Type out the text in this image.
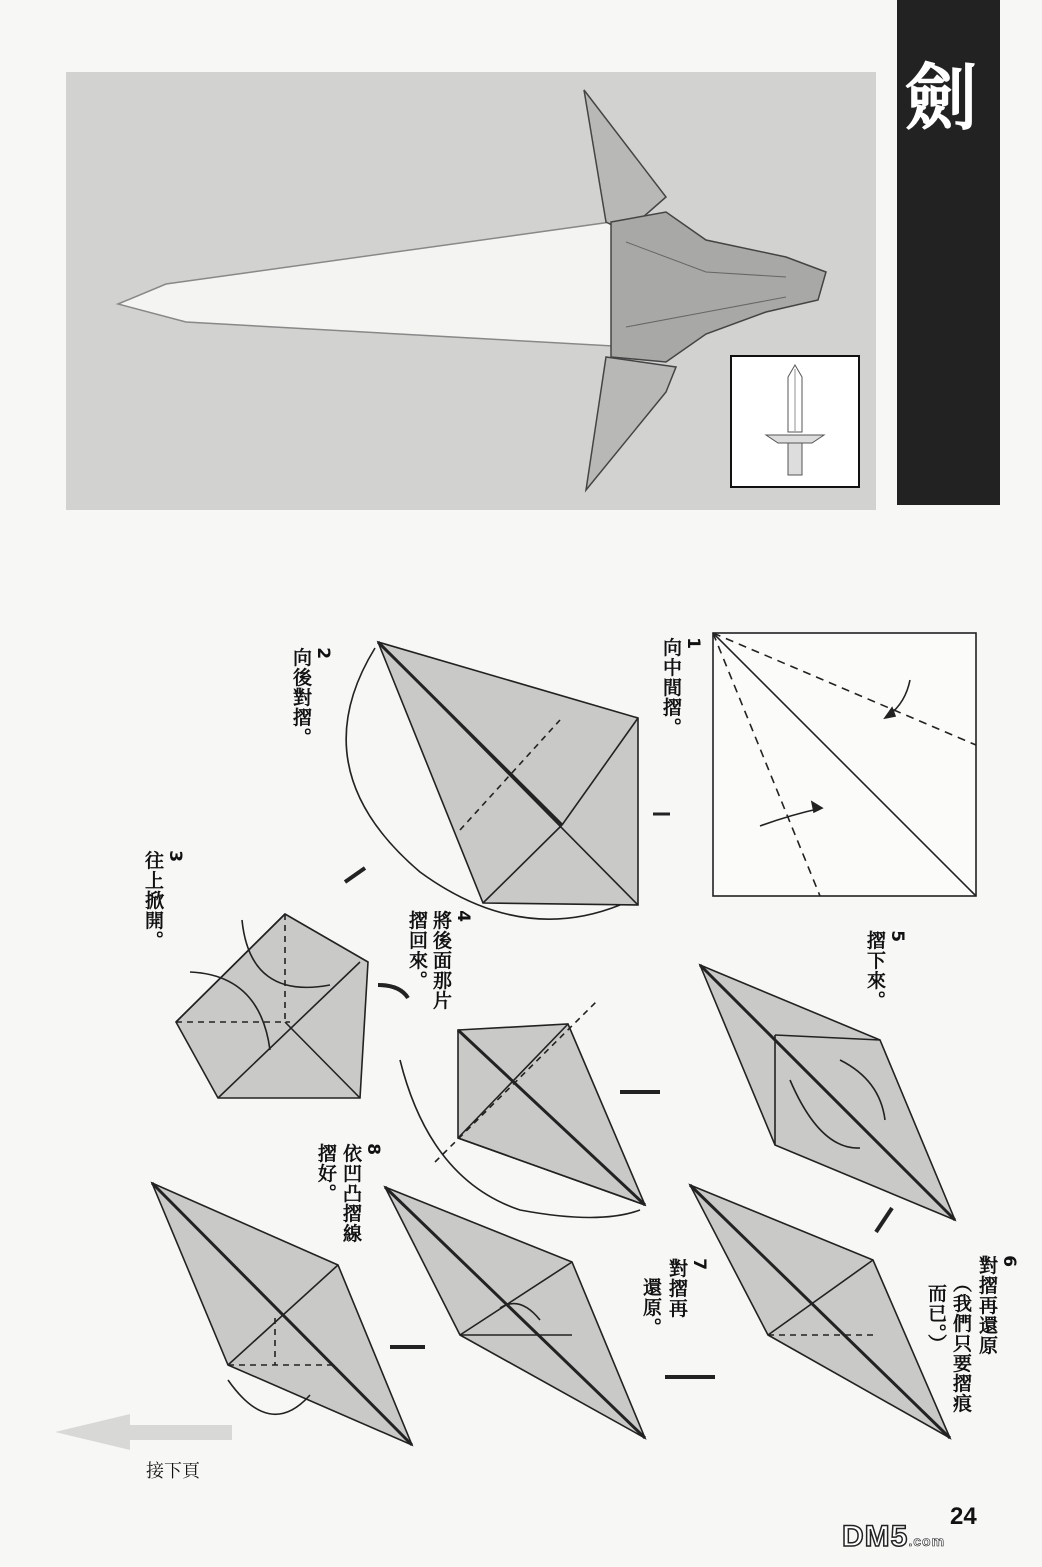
劍

1
向中間摺。

2
向後對摺。

3
往上掀開。	摺回來。	4
將後面那片	5
摺下來。

6
對摺再還原

（我們只要摺痕

而已。）

7
對摺再

還原。

8
依凹凸摺線

摺好。

接下頁
24
DM5.com
